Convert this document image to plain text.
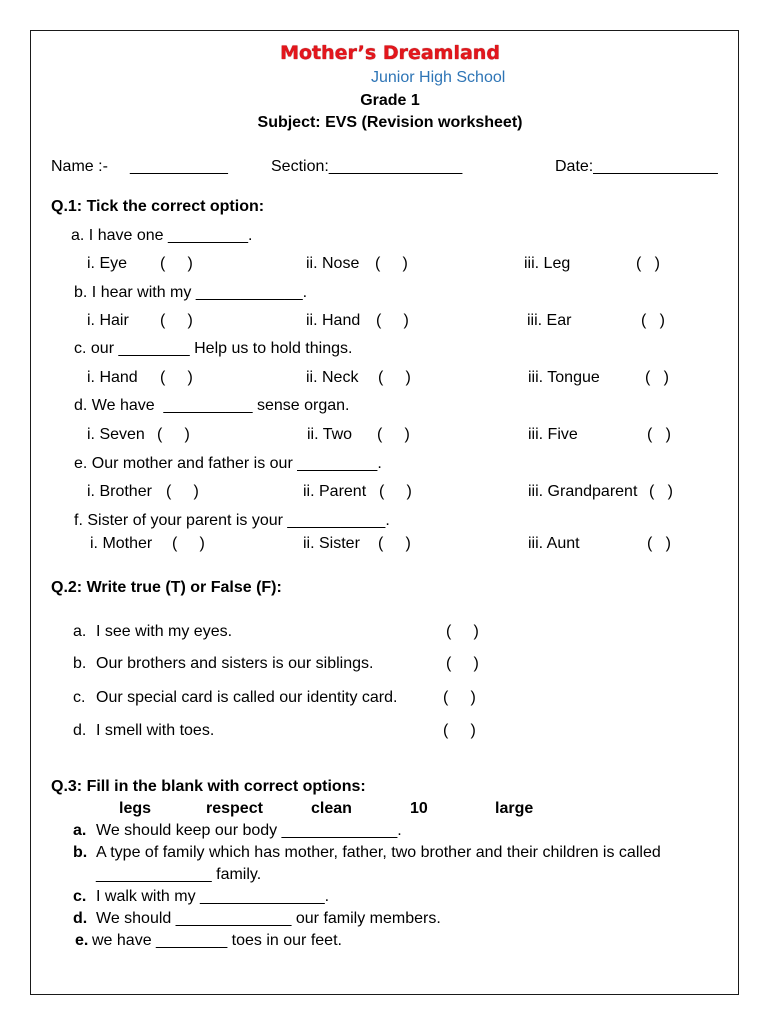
Mother’s Dreamland
Junior High School
Grade 1
Subject: EVS (Revision worksheet)
Name :- ___________	Section:_______________	Date:______________
Q.1: Tick the correct option:
a. I have one _________.
i. Eye (     )	ii. Nose (     )	iii. Leg	(   )
b. I hear with my ____________.
i. Hair (     )	ii. Hand (     )	iii. Ear	(   )
c. our ________ Help us to hold things.
i. Hand (     )	ii. Neck (     )	iii. Tongue	(   )
d. We have  __________ sense organ.
i. Seven (     )	ii. Two (     )	iii. Five	(   )
e. Our mother and father is our _________.
i. Brother (     )	ii. Parent (     )	iii. Grandparent (   )
f. Sister of your parent is your ___________.
i. Mother (     )	ii. Sister (     )	iii. Aunt	(   )
Q.2: Write true (T) or False (F):
a. I see with my eyes.	(     )
b. Our brothers and sisters is our siblings.	(     )
c. Our special card is called our identity card.	(     )
d. I smell with toes.	(     )
Q.3: Fill in the blank with correct options:
legs	respect	clean	10	large
a. We should keep our body _____________.
b. A type of family which has mother, father, two brother and their children is called
_____________ family.
c. I walk with my ______________.
d. We should _____________ our family members.
e. we have ________ toes in our feet.
